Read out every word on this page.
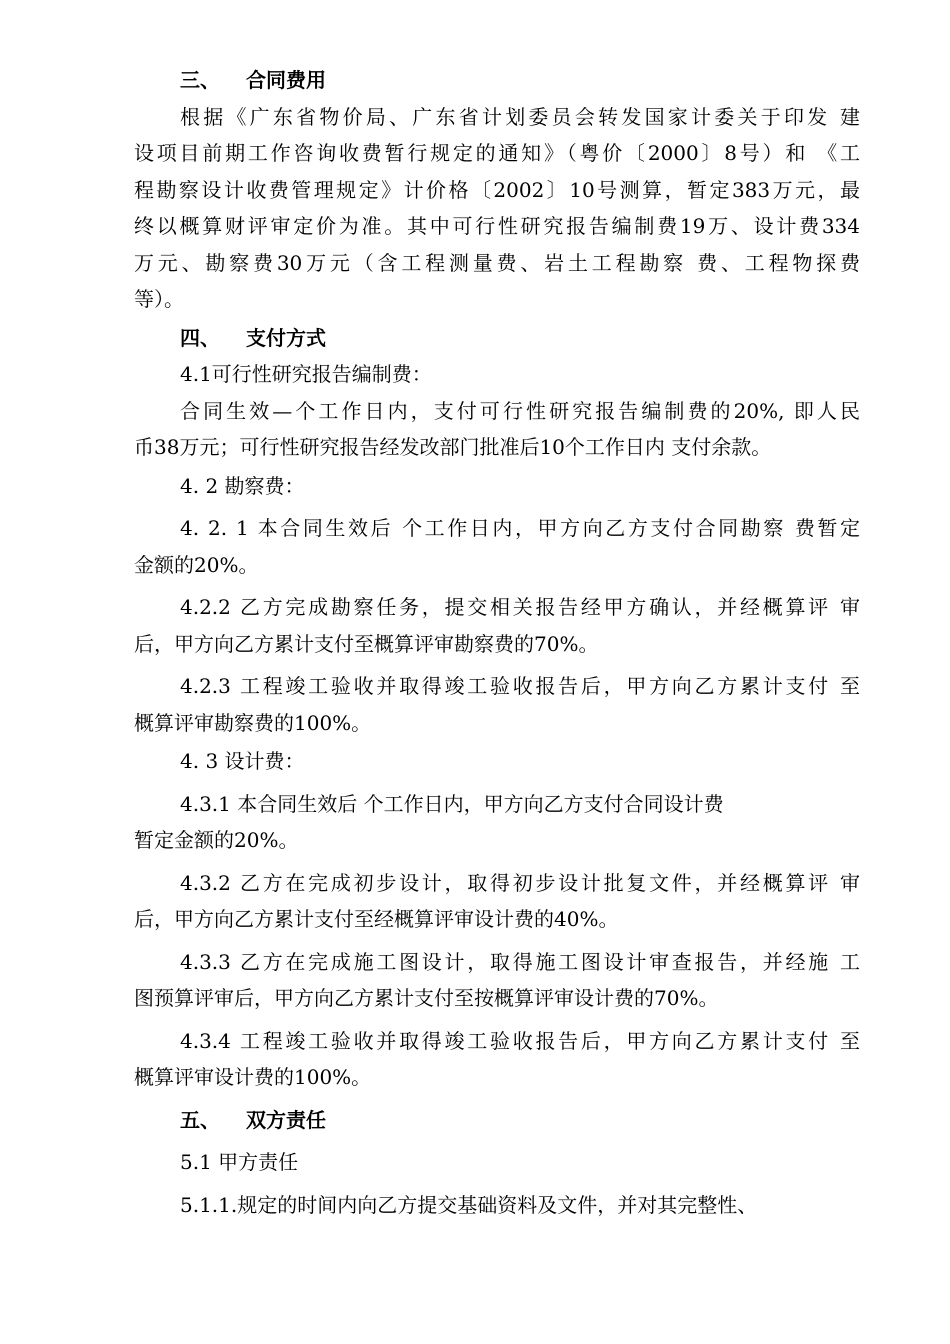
三、 合同费用

根据《广东省物价局、广东省计划委员会转发国家计委关于印发 建

设项目前期工作咨询收费暂行规定的通知》（粤价〔2000〕8号）和 《工

程勘察设计收费管理规定》计价格〔2002〕10号测算，暂定383万元，最

终以概算财评审定价为准。其中可行性研究报告编制费19万、设计费334

万元、勘察费30万元（含工程测量费、岩土工程勘察 费、工程物探费

等）。

四、 支付方式

4.1可行性研究报告编制费：

合同生效—个工作日内，支付可行性研究报告编制费的20%, 即人民

币38万元；可行性研究报告经发改部门批准后10个工作日内 支付余款。

4. 2 勘察费：

4. 2. 1 本合同生效后 个工作日内，甲方向乙方支付合同勘察 费暂定

金额的20%。

4.2.2 乙方完成勘察任务，提交相关报告经甲方确认，并经概算评 审

后，甲方向乙方累计支付至概算评审勘察费的70%。

4.2.3 工程竣工验收并取得竣工验收报告后，甲方向乙方累计支付 至

概算评审勘察费的100%。

4. 3 设计费：

4.3.1 本合同生效后 个工作日内，甲方向乙方支付合同设计费

暂定金额的20%。

4.3.2 乙方在完成初步设计，取得初步设计批复文件，并经概算评 审

后，甲方向乙方累计支付至经概算评审设计费的40%。

4.3.3 乙方在完成施工图设计，取得施工图设计审查报告，并经施 工

图预算评审后，甲方向乙方累计支付至按概算评审设计费的70%。

4.3.4 工程竣工验收并取得竣工验收报告后，甲方向乙方累计支付 至

概算评审设计费的100%。

五、 双方责任

5.1 甲方责任

5.1.1.规定的时间内向乙方提交基础资料及文件，并对其完整性、
